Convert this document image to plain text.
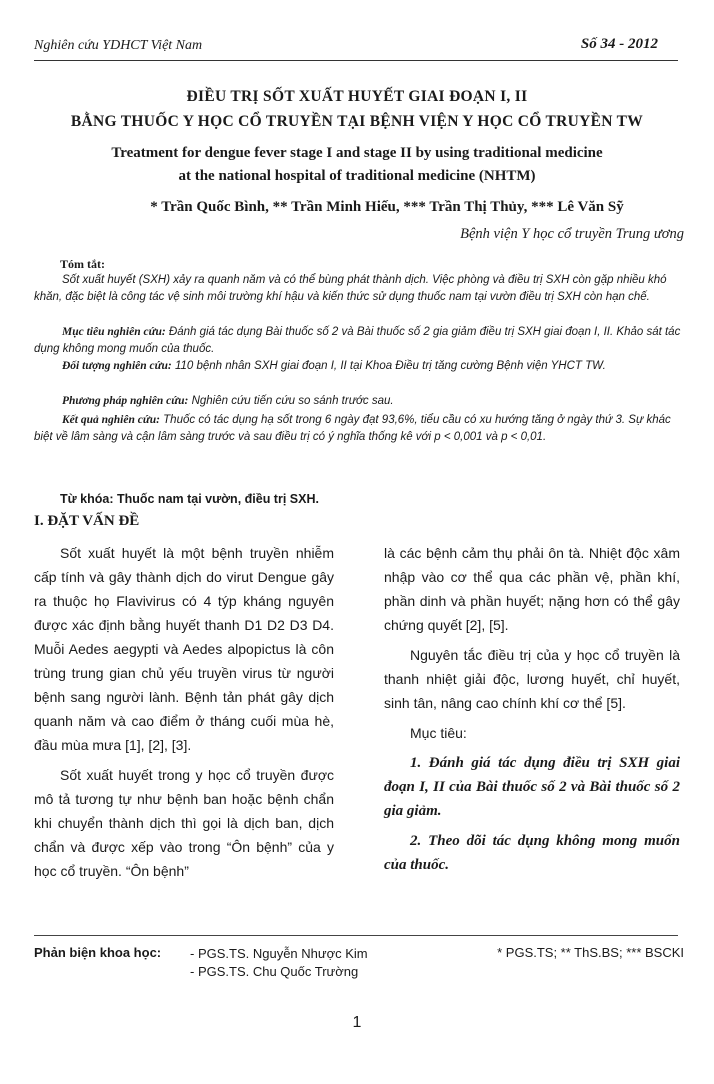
Nghiên cứu YDHCT Việt Nam	Số 34 - 2012
ĐIỀU TRỊ SỐT XUẤT HUYẾT GIAI ĐOẠN I, II
BẰNG THUỐC Y HỌC CỔ TRUYỀN TẠI BỆNH VIỆN Y HỌC CỔ TRUYỀN TW
Treatment for dengue fever stage I and stage II by using traditional medicine
at the national hospital of traditional medicine (NHTM)
* Trần Quốc Bình, ** Trần Minh Hiếu, *** Trần Thị Thủy, *** Lê Văn Sỹ
Bệnh viện Y học cổ truyền Trung ương
Tóm tắt:
Sốt xuất huyết (SXH) xảy ra quanh năm và có thể bùng phát thành dịch. Việc phòng và điều trị SXH còn gặp nhiều khó khăn, đặc biệt là công tác vệ sinh môi trường khí hậu và kiến thức sử dụng thuốc nam tại vườn điều trị SXH còn hạn chế.
Mục tiêu nghiên cứu: Đánh giá tác dụng Bài thuốc số 2 và Bài thuốc số 2 gia giảm điều trị SXH giai đoạn I, II. Khảo sát tác dụng không mong muốn của thuốc.
Đối tượng nghiên cứu: 110 bệnh nhân SXH giai đoạn I, II tại Khoa Điều trị tăng cường Bệnh viện YHCT TW.
Phương pháp nghiên cứu: Nghiên cứu tiến cứu so sánh trước sau.
Kết quả nghiên cứu: Thuốc có tác dụng hạ sốt trong 6 ngày đạt 93,6%, tiểu cầu có xu hướng tăng ở ngày thứ 3. Sự khác biệt về lâm sàng và cận lâm sàng trước và sau điều trị có ý nghĩa thống kê với p < 0,001 và p < 0,01.
Từ khóa: Thuốc nam tại vườn, điều trị SXH.
I. ĐẶT VẤN ĐỀ

Sốt xuất huyết là một bệnh truyền nhiễm cấp tính và gây thành dịch do virut Dengue gây ra thuộc họ Flavivirus có 4 týp kháng nguyên được xác định bằng huyết thanh D1 D2 D3 D4. Muỗi Aedes aegypti và Aedes alpopictus là côn trùng trung gian chủ yếu truyền virus từ người bệnh sang người lành. Bệnh tản phát gây dịch quanh năm và cao điểm ở tháng cuối mùa hè, đầu mùa mưa [1], [2], [3].

Sốt xuất huyết trong y học cổ truyền được mô tả tương tự như bệnh ban hoặc bệnh chẩn khi chuyển thành dịch thì gọi là dịch ban, dịch chẩn và được xếp vào trong “Ôn bệnh” của y học cổ truyền. “Ôn bệnh”

là các bệnh cảm thụ phải ôn tà. Nhiệt độc xâm nhập vào cơ thể qua các phần vệ, phần khí, phần dinh và phần huyết; nặng hơn có thể gây chứng quyết [2], [5].

Nguyên tắc điều trị của y học cổ truyền là thanh nhiệt giải độc, lương huyết, chỉ huyết, sinh tân, nâng cao chính khí cơ thể [5].

Mục tiêu:

1. Đánh giá tác dụng điều trị SXH giai đoạn I, II của Bài thuốc số 2 và Bài thuốc số 2 gia giảm.

2. Theo dõi tác dụng không mong muốn của thuốc.

Phản biện khoa học: - PGS.TS. Nguyễn Nhược Kim
- PGS.TS. Chu Quốc Trường
* PGS.TS; ** ThS.BS; *** BSCKI
1
